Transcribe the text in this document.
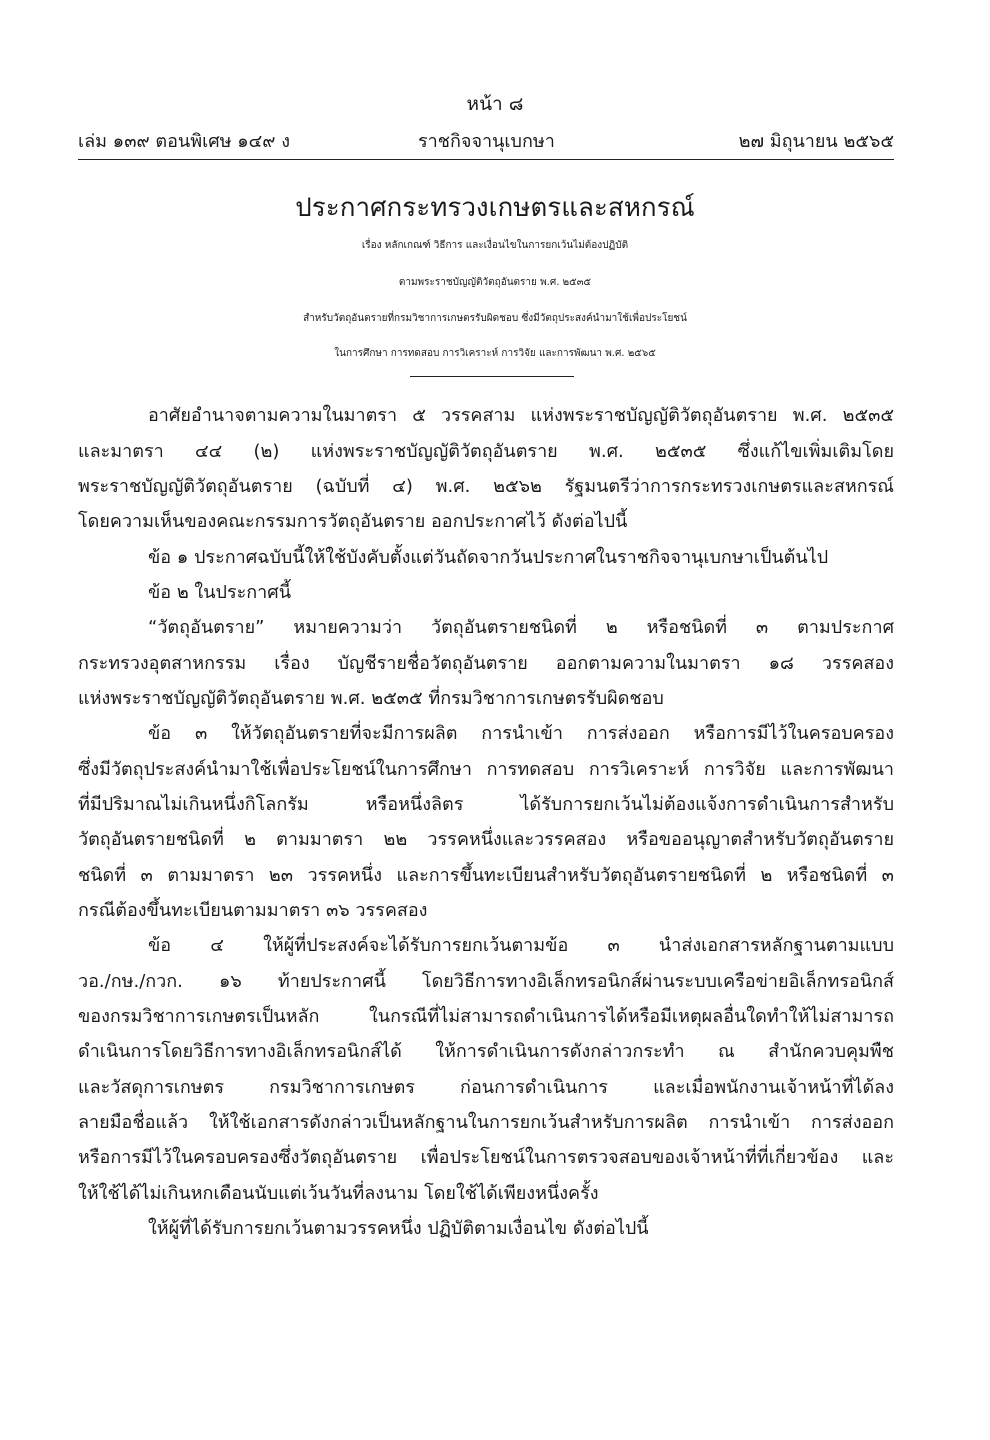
หน้า ๘
เล่ม ๑๓๙ ตอนพิเศษ ๑๔๙ ง	ราชกิจจานุเบกษา	๒๗ มิถุนายน ๒๕๖๕
ประกาศกระทรวงเกษตรและสหกรณ์
เรื่อง หลักเกณฑ์ วิธีการ และเงื่อนไขในการยกเว้นไม่ต้องปฏิบัติ
ตามพระราชบัญญัติวัตถุอันตราย พ.ศ. ๒๕๓๕
สำหรับวัตถุอันตรายที่กรมวิชาการเกษตรรับผิดชอบ ซึ่งมีวัตถุประสงค์นำมาใช้เพื่อประโยชน์
ในการศึกษา การทดสอบ การวิเคราะห์ การวิจัย และการพัฒนา พ.ศ. ๒๕๖๕
อาศัยอำนาจตามความในมาตรา ๕ วรรคสาม แห่งพระราชบัญญัติวัตถุอันตราย พ.ศ. ๒๕๓๕
และมาตรา ๔๔ (๒) แห่งพระราชบัญญัติวัตถุอันตราย พ.ศ. ๒๕๓๕ ซึ่งแก้ไขเพิ่มเติมโดย
พระราชบัญญัติวัตถุอันตราย (ฉบับที่ ๔) พ.ศ. ๒๕๖๒ รัฐมนตรีว่าการกระทรวงเกษตรและสหกรณ์
โดยความเห็นของคณะกรรมการวัตถุอันตราย ออกประกาศไว้ ดังต่อไปนี้
ข้อ ๑ ประกาศฉบับนี้ให้ใช้บังคับตั้งแต่วันถัดจากวันประกาศในราชกิจจานุเบกษาเป็นต้นไป
ข้อ ๒ ในประกาศนี้
“วัตถุอันตราย” หมายความว่า วัตถุอันตรายชนิดที่ ๒ หรือชนิดที่ ๓ ตามประกาศ
กระทรวงอุตสาหกรรม เรื่อง บัญชีรายชื่อวัตถุอันตราย ออกตามความในมาตรา ๑๘ วรรคสอง
แห่งพระราชบัญญัติวัตถุอันตราย พ.ศ. ๒๕๓๕ ที่กรมวิชาการเกษตรรับผิดชอบ
ข้อ ๓ ให้วัตถุอันตรายที่จะมีการผลิต การนำเข้า การส่งออก หรือการมีไว้ในครอบครอง
ซึ่งมีวัตถุประสงค์นำมาใช้เพื่อประโยชน์ในการศึกษา การทดสอบ การวิเคราะห์ การวิจัย และการพัฒนา
ที่มีปริมาณไม่เกินหนึ่งกิโลกรัม หรือหนึ่งลิตร ได้รับการยกเว้นไม่ต้องแจ้งการดำเนินการสำหรับ
วัตถุอันตรายชนิดที่ ๒ ตามมาตรา ๒๒ วรรคหนึ่งและวรรคสอง หรือขออนุญาตสำหรับวัตถุอันตราย
ชนิดที่ ๓ ตามมาตรา ๒๓ วรรคหนึ่ง และการขึ้นทะเบียนสำหรับวัตถุอันตรายชนิดที่ ๒ หรือชนิดที่ ๓
กรณีต้องขึ้นทะเบียนตามมาตรา ๓๖ วรรคสอง
ข้อ ๔ ให้ผู้ที่ประสงค์จะได้รับการยกเว้นตามข้อ ๓ นำส่งเอกสารหลักฐานตามแบบ
วอ./กษ./กวก. ๑๖ ท้ายประกาศนี้ โดยวิธีการทางอิเล็กทรอนิกส์ผ่านระบบเครือข่ายอิเล็กทรอนิกส์
ของกรมวิชาการเกษตรเป็นหลัก ในกรณีที่ไม่สามารถดำเนินการได้หรือมีเหตุผลอื่นใดทำให้ไม่สามารถ
ดำเนินการโดยวิธีการทางอิเล็กทรอนิกส์ได้ ให้การดำเนินการดังกล่าวกระทำ ณ สำนักควบคุมพืช
และวัสดุการเกษตร กรมวิชาการเกษตร ก่อนการดำเนินการ และเมื่อพนักงานเจ้าหน้าที่ได้ลง
ลายมือชื่อแล้ว ให้ใช้เอกสารดังกล่าวเป็นหลักฐานในการยกเว้นสำหรับการผลิต การนำเข้า การส่งออก
หรือการมีไว้ในครอบครองซึ่งวัตถุอันตราย เพื่อประโยชน์ในการตรวจสอบของเจ้าหน้าที่ที่เกี่ยวข้อง และ
ให้ใช้ได้ไม่เกินหกเดือนนับแต่เว้นวันที่ลงนาม โดยใช้ได้เพียงหนึ่งครั้ง
ให้ผู้ที่ได้รับการยกเว้นตามวรรคหนึ่ง ปฏิบัติตามเงื่อนไข ดังต่อไปนี้
